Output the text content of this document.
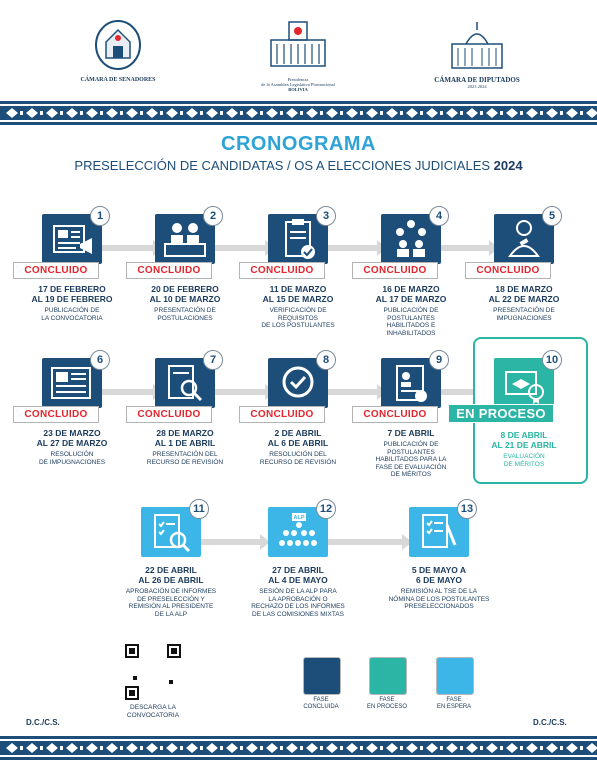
CÁMARA DE SENADORES	Presidencia
de la Asamblea Legislativa Plurinacional
BOLIVIA
CÁMARA DE DIPUTADOS
2023 2024
CRONOGRAMA
PRESELECCIÓN DE CANDIDATAS / OS A ELECCIONES JUDICIALES 2024
1
CONCLUIDO
17 DE FEBRERO
AL 19 DE FEBRERO
PUBLICACIÓN DE
LA CONVOCATORIA
2
CONCLUIDO
20 DE FEBRERO
AL 10 DE MARZO
PRESENTACIÓN DE
POSTULACIONES
3
CONCLUIDO
11 DE MARZO
AL 15 DE MARZO
VERIFICACIÓN DE
REQUISITOS
DE LOS POSTULANTES
4
CONCLUIDO
16 DE MARZO
AL 17 DE MARZO
PUBLICACIÓN DE
POSTULANTES
HABILITADOS E
INHABILITADOS
5
CONCLUIDO
18 DE MARZO
AL 22 DE MARZO
PRESENTACIÓN DE
IMPUGNACIONES
6
CONCLUIDO
23 DE MARZO
AL 27 DE MARZO
RESOLUCIÓN
DE IMPUGNACIONES
7
CONCLUIDO
28 DE MARZO
AL 1 DE ABRIL
PRESENTACIÓN DEL
RECURSO DE REVISIÓN
8
CONCLUIDO
2 DE ABRIL
AL 6 DE ABRIL
RESOLUCIÓN DEL
RECURSO DE REVISIÓN
9
CONCLUIDO
7 DE ABRIL
PUBLICACIÓN DE
POSTULANTES
HABILITADOS PARA LA
FASE DE EVALUACIÓN
DE MÉRITOS
10
EN PROCESO
8 DE ABRIL
AL 21 DE ABRIL
EVALUACIÓN
DE MÉRITOS
11
22 DE ABRIL
AL 26 DE ABRIL
APROBACIÓN DE INFORMES
DE PRESELECCIÓN Y
REMISIÓN AL PRESIDENTE
DE LA ALP
ALP
12
27 DE ABRIL
AL 4 DE MAYO
SESIÓN DE LA ALP PARA
LA APROBACIÓN O
RECHAZO DE LOS INFORMES
DE LAS COMISIONES MIXTAS
13
5 DE MAYO A
6 DE MAYO
REMISIÓN AL TSE DE LA
NÓMINA DE LOS POSTULANTES
PRESELECCIONADOS
DESCARGA LA
CONVOCATORIA
FASE
CONCLUIDA
FASE
EN PROCESO
FASE
EN ESPERA
D.C./C.S.	D.C./C.S.
